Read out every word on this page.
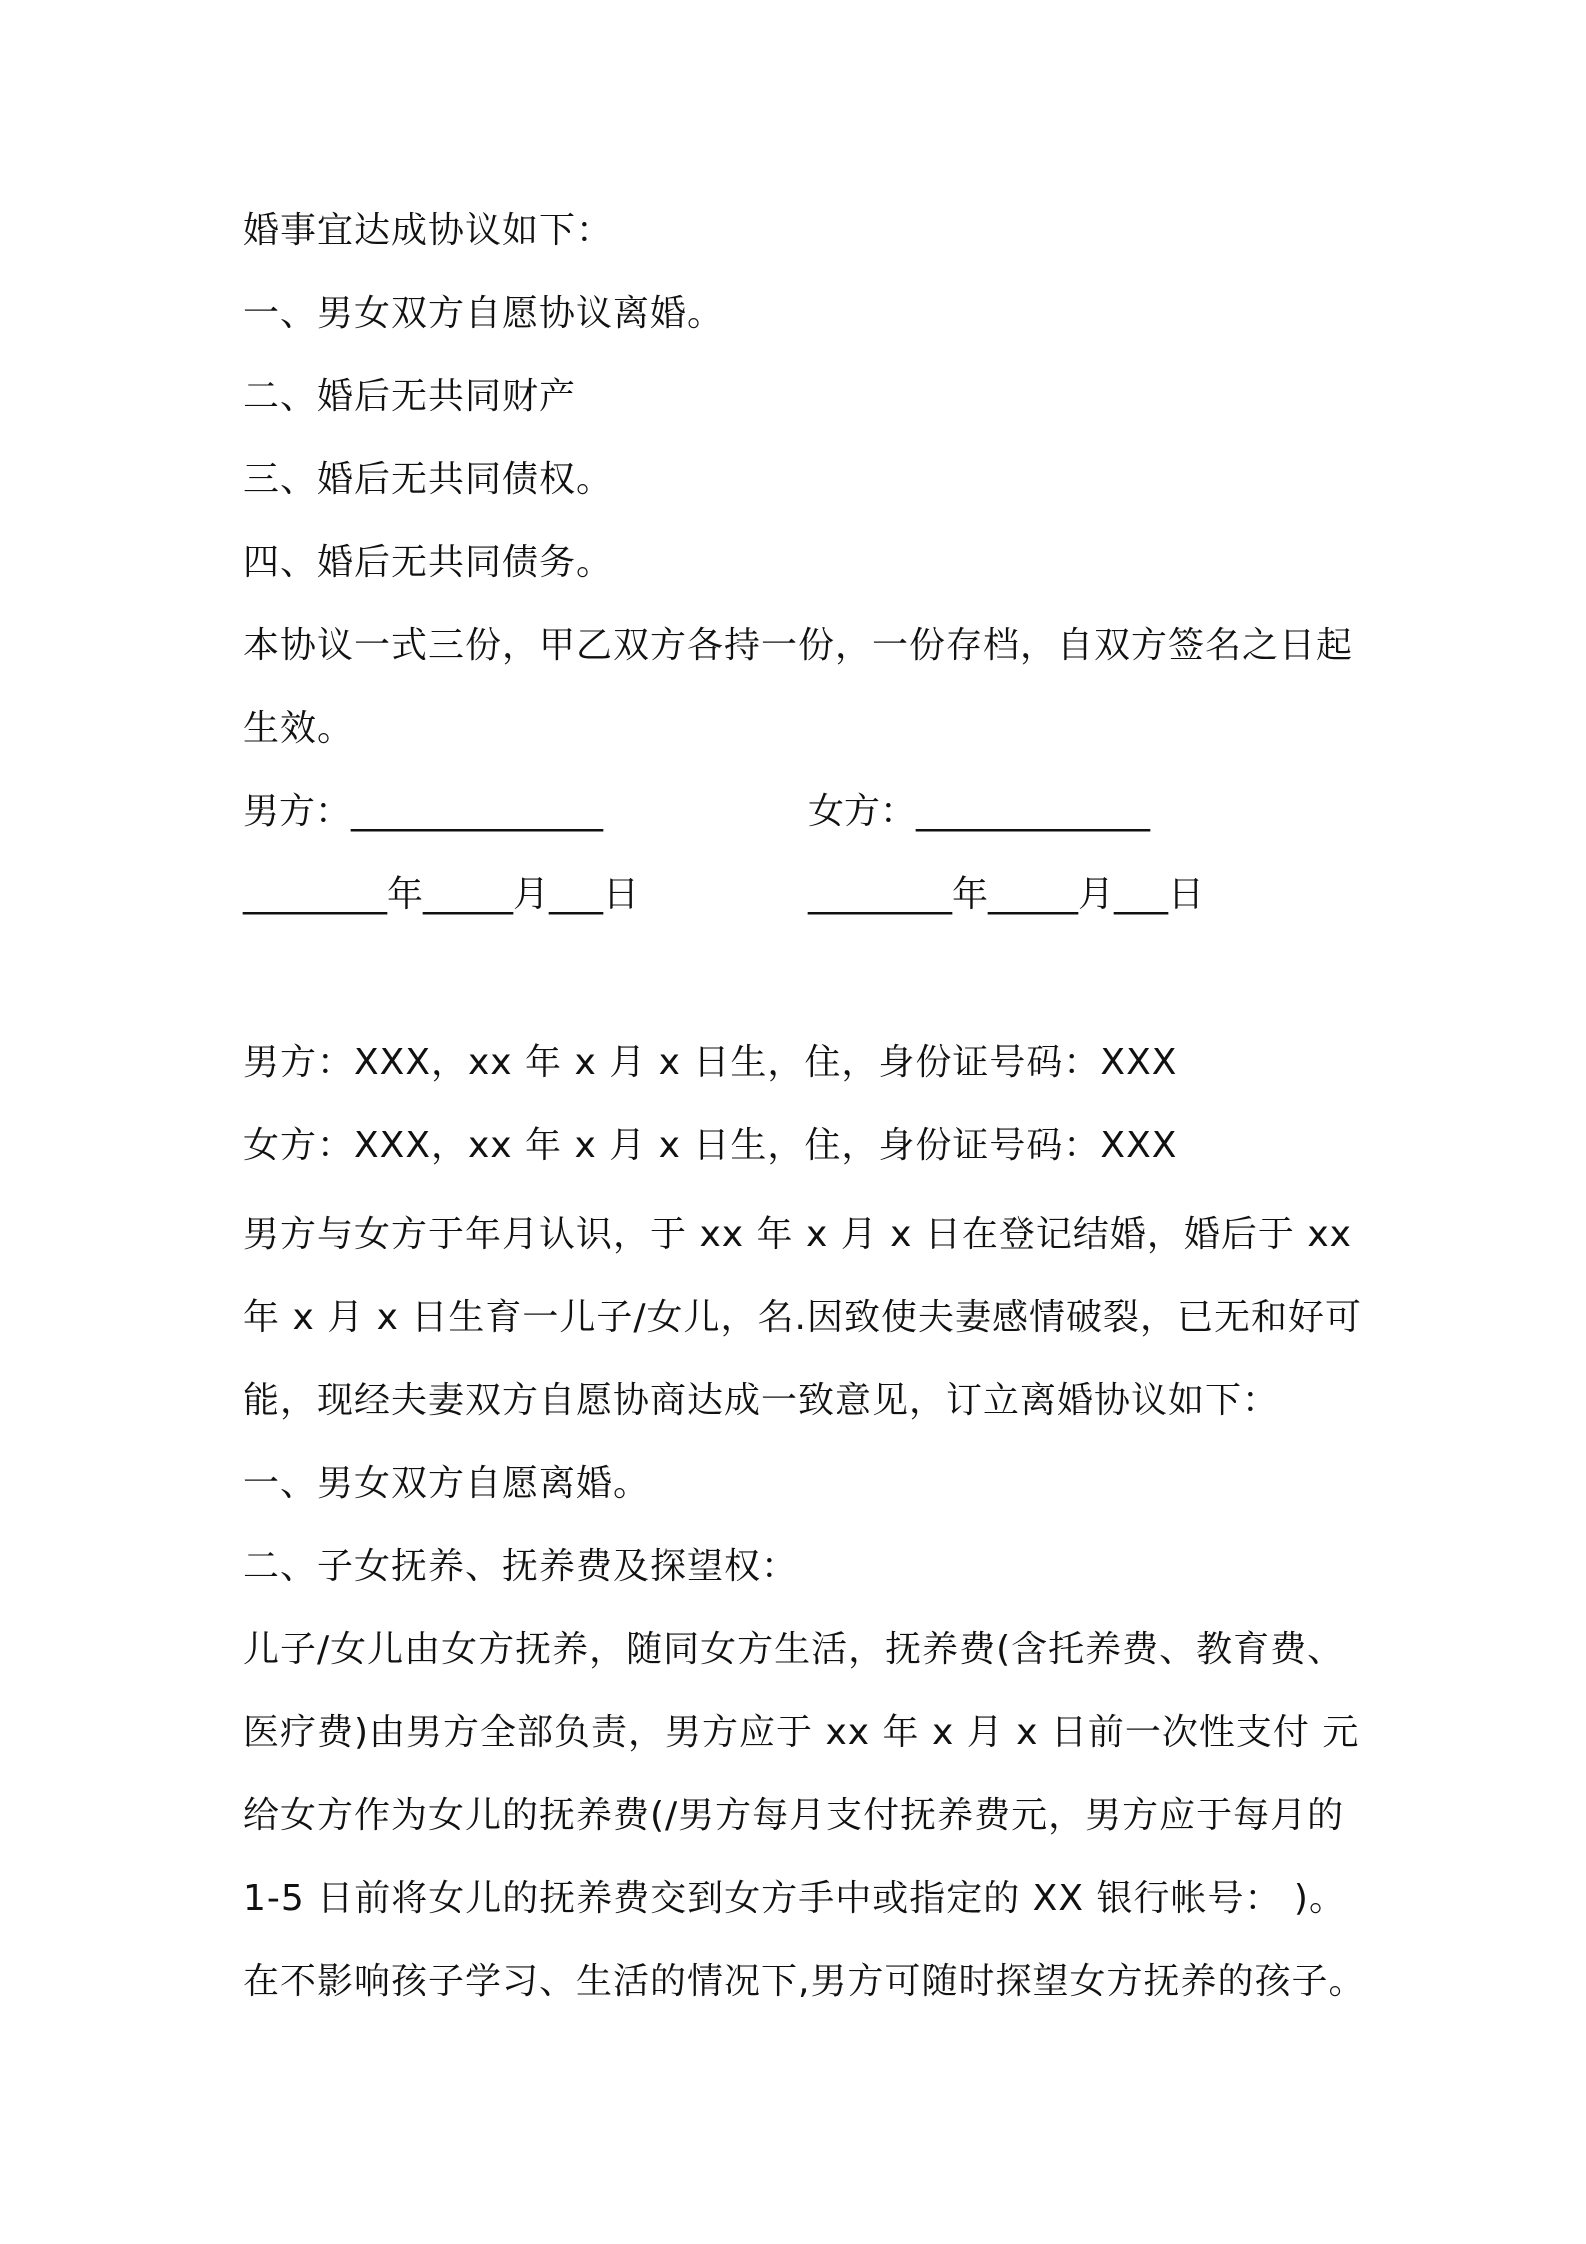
婚事宜达成协议如下：
一、男女双方自愿协议离婚。
二、婚后无共同财产
三、婚后无共同债权。
四、婚后无共同债务。
本协议一式三份，甲乙双方各持一份，一份存档，自双方签名之日起
生效。
男方：______________	女方：_____________
________年_____月___日	________年_____月___日
男方：XXX，xx 年 x 月 x 日生，住，身份证号码：XXX
女方：XXX，xx 年 x 月 x 日生，住，身份证号码：XXX
男方与女方于年月认识，于 xx 年 x 月 x 日在登记结婚，婚后于 xx
年 x 月 x 日生育一儿子/女儿，名.因致使夫妻感情破裂，已无和好可
能，现经夫妻双方自愿协商达成一致意见，订立离婚协议如下：
一、男女双方自愿离婚。
二、子女抚养、抚养费及探望权：
儿子/女儿由女方抚养，随同女方生活，抚养费(含托养费、教育费、
医疗费)由男方全部负责，男方应于 xx 年 x 月 x 日前一次性支付 元
给女方作为女儿的抚养费(/男方每月支付抚养费元，男方应于每月的
1-5 日前将女儿的抚养费交到女方手中或指定的 XX 银行帐号： )。
在不影响孩子学习、生活的情况下,男方可随时探望女方抚养的孩子。
